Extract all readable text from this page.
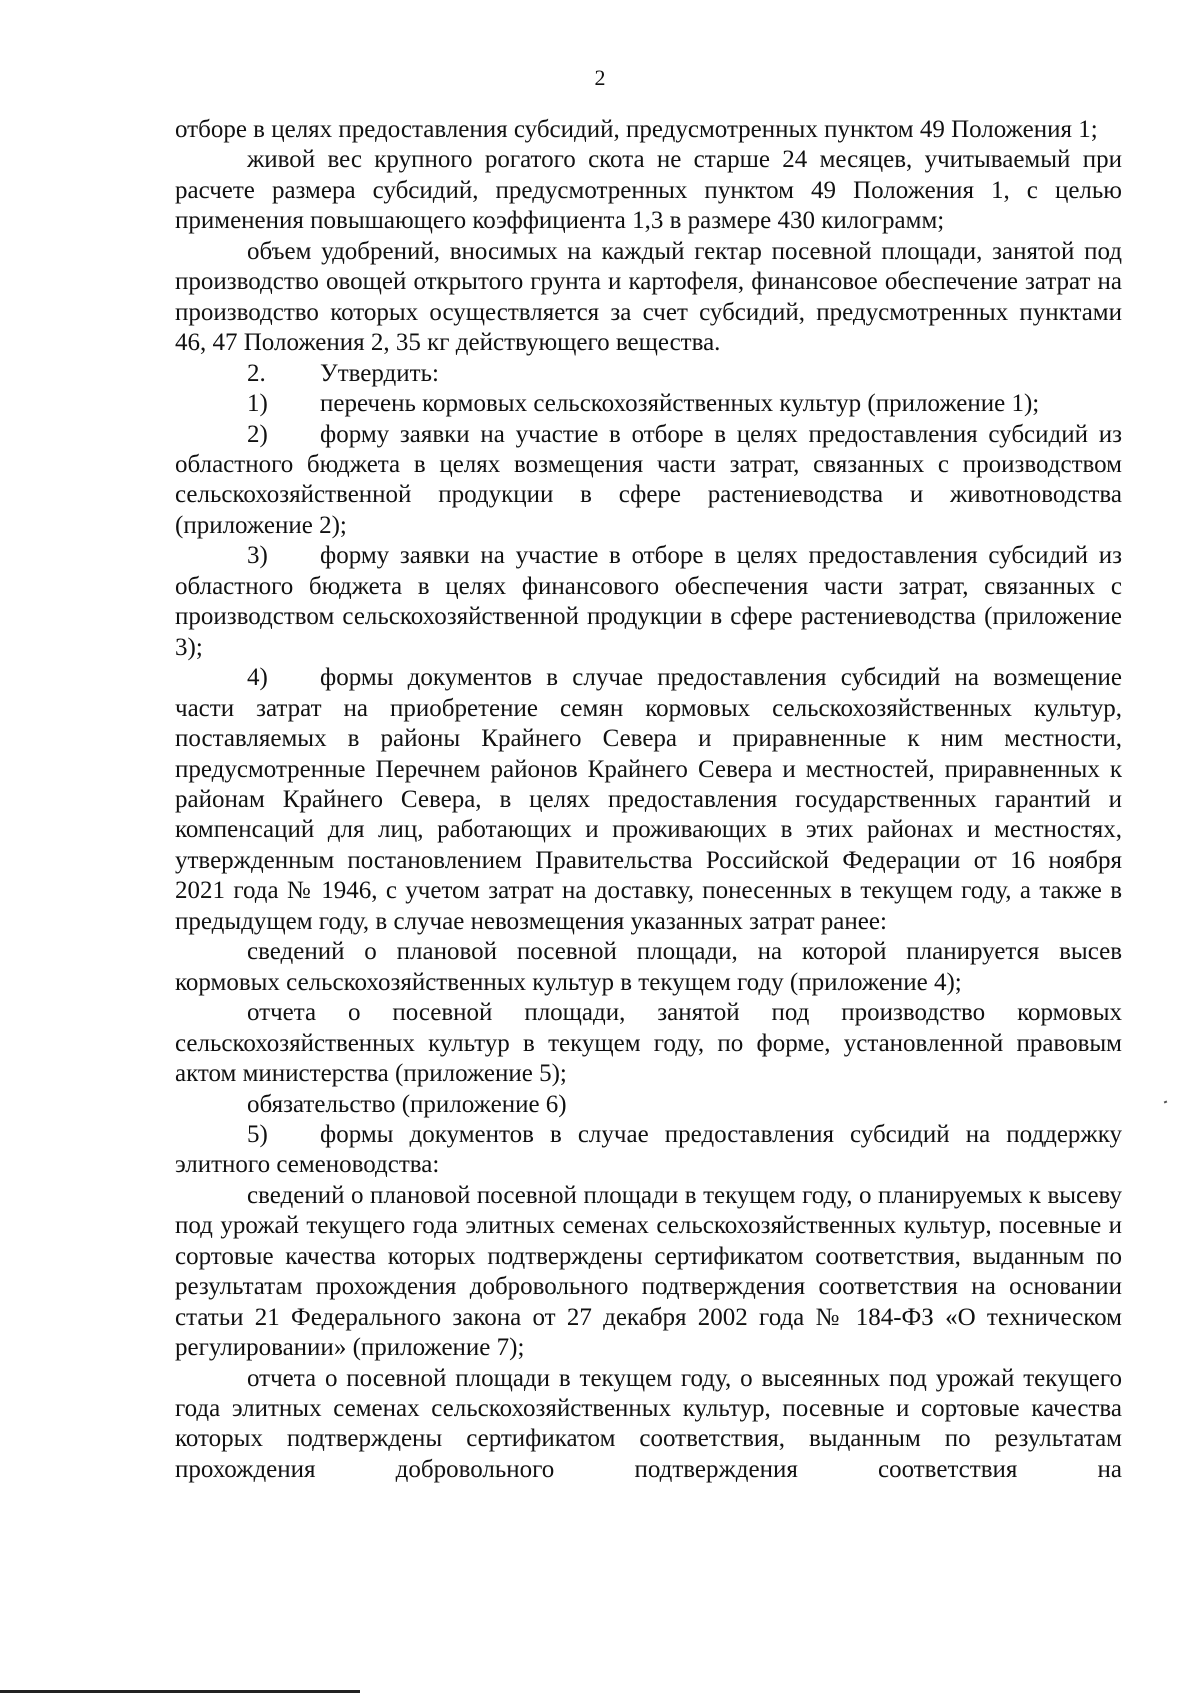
2

отборе в целях предоставления субсидий, предусмотренных пунктом 49 Положения 1;

живой вес крупного рогатого скота не старше 24 месяцев, учитываемый при расчете размера субсидий, предусмотренных пунктом 49 Положения 1, с целью применения повышающего коэффициента 1,3 в размере 430 килограмм;

объем удобрений, вносимых на каждый гектар посевной площади, занятой под производство овощей открытого грунта и картофеля, финансовое обеспечение затрат на производство которых осуществляется за счет субсидий, предусмотренных пунктами 46, 47 Положения 2, 35 кг действующего вещества.

2. Утвердить:

1) перечень кормовых сельскохозяйственных культур (приложение 1);

2) форму заявки на участие в отборе в целях предоставления субсидий из областного бюджета в целях возмещения части затрат, связанных с производством сельскохозяйственной продукции в сфере растениеводства и животноводства (приложение 2);

3) форму заявки на участие в отборе в целях предоставления субсидий из областного бюджета в целях финансового обеспечения части затрат, связанных с производством сельскохозяйственной продукции в сфере растениеводства (приложение 3);

4) формы документов в случае предоставления субсидий на возмещение части затрат на приобретение семян кормовых сельскохозяйственных культур, поставляемых в районы Крайнего Севера и приравненные к ним местности, предусмотренные Перечнем районов Крайнего Севера и местностей, приравненных к районам Крайнего Севера, в целях предоставления государственных гарантий и компенсаций для лиц, работающих и проживающих в этих районах и местностях, утвержденным постановлением Правительства Российской Федерации от 16 ноября 2021 года № 1946, с учетом затрат на доставку, понесенных в текущем году, а также в предыдущем году, в случае невозмещения указанных затрат ранее:

сведений о плановой посевной площади, на которой планируется высев кормовых сельскохозяйственных культур в текущем году (приложение 4);

отчета о посевной площади, занятой под производство кормовых сельскохозяйственных культур в текущем году, по форме, установленной правовым актом министерства (приложение 5);

обязательство (приложение 6)

5) формы документов в случае предоставления субсидий на поддержку элитного семеноводства:

сведений о плановой посевной площади в текущем году, о планируемых к высеву под урожай текущего года элитных семенах сельскохозяйственных культур, посевные и сортовые качества которых подтверждены сертификатом соответствия, выданным по результатам прохождения добровольного подтверждения соответствия на основании статьи 21 Федерального закона от 27 декабря 2002 года № 184-ФЗ «О техническом регулировании» (приложение 7);

отчета о посевной площади в текущем году, о высеянных под урожай текущего года элитных семенах сельскохозяйственных культур, посевные и сортовые качества которых подтверждены сертификатом соответствия, выданным по результатам прохождения добровольного подтверждения соответствия на
